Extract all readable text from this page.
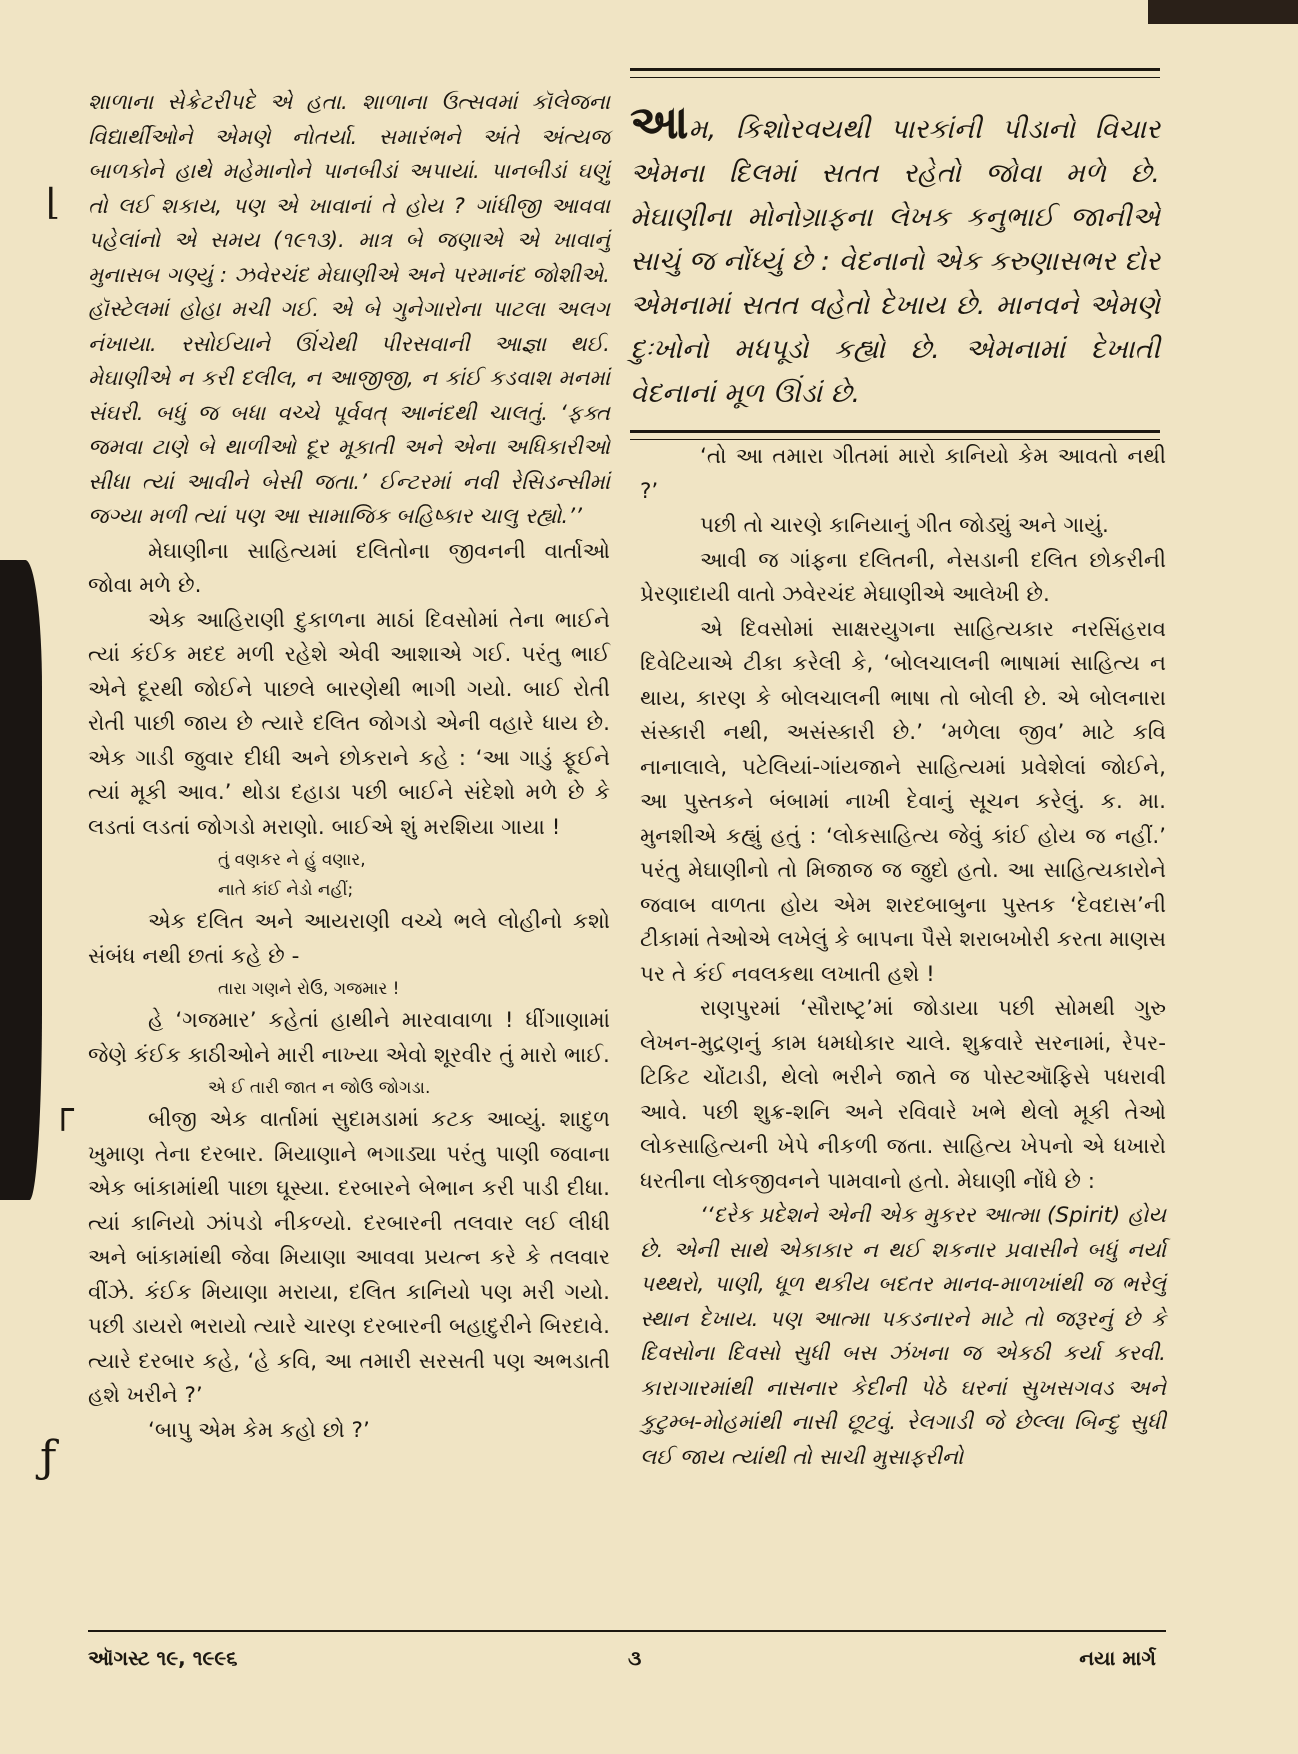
⌊
┌
ƒ

શાળાના સેક્રેટરીપદે એ હતા. શાળાના ઉત્સવમાં કૉલેજના વિદ્યાર્થીઓને એમણે નોતર્યા. સમારંભને અંતે અંત્યજ બાળકોને હાથે મહેમાનોને પાનબીડાં અપાયાં. પાનબીડાં ઘણું તો લઈ શકાય, પણ એ ખાવાનાં તે હોય ? ગાંધીજી આવવા પહેલાંનો એ સમય (૧૯૧૩). માત્ર બે જણાએ એ ખાવાનું મુનાસબ ગણ્યું : ઝવેરચંદ મેઘાણીએ અને પરમાનંદ જોશીએ. હૉસ્ટેલમાં હોહા મચી ગઈ. એ બે ગુનેગારોના પાટલા અલગ નંખાયા. રસોઈયાને ઊંચેથી પીરસવાની આજ્ઞા થઈ. મેઘાણીએ ન કરી દલીલ, ન આજીજી, ન કાંઈ કડવાશ મનમાં સંઘરી. બધું જ બધા વચ્ચે પૂર્વવત્ આનંદથી ચાલતું. ‘ફક્ત જમવા ટાણે બે થાળીઓ દૂર મૂકાતી અને એના અધિકારીઓ સીધા ત્યાં આવીને બેસી જતા.’ ઈન્ટરમાં નવી રેસિડન્સીમાં જગ્યા મળી ત્યાં પણ આ સામાજિક બહિષ્કાર ચાલુ રહ્યો.’’

મેઘાણીના સાહિત્યમાં દલિતોના જીવનની વાર્તાઓ જોવા મળે છે.

એક આહિરાણી દુકાળના માઠાં દિવસોમાં તેના ભાઈને ત્યાં કંઈક મદદ મળી રહેશે એવી આશાએ ગઈ. પરંતુ ભાઈ એને દૂરથી જોઈને પાછલે બારણેથી ભાગી ગયો. બાઈ રોતી રોતી પાછી જાય છે ત્યારે દલિત જોગડો એની વહારે ધાય છે. એક ગાડી જુવાર દીધી અને છોકરાને કહે : ‘આ ગાડું ફૂઈને ત્યાં મૂકી આવ.’ થોડા દહાડા પછી બાઈને સંદેશો મળે છે કે લડતાં લડતાં જોગડો મરાણો. બાઈએ શું મરશિયા ગાયા !

તું વણકર ને હું વણાર,

નાતે કાંઈ નેડો નહીં;

એક દલિત અને આયરાણી વચ્ચે ભલે લોહીનો કશો સંબંધ નથી છતાં કહે છે -

તારા ગણને રોઉ, ગજમાર !

હે ‘ગજમાર’ કહેતાં હાથીને મારવાવાળા ! ધીંગાણામાં જેણે કંઈક કાઠીઓને મારી નાખ્યા એવો શૂરવીર તું મારો ભાઈ.

એ ઈ તારી જાત ન જોઉ જોગડા.

બીજી એક વાર્તામાં સુદામડામાં કટક આવ્યું. શાદુળ ખુમાણ તેના દરબાર. મિયાણાને ભગાડ્યા પરંતુ પાણી જવાના એક બાંકામાંથી પાછા ઘૂસ્યા. દરબારને બેભાન કરી પાડી દીધા. ત્યાં કાનિયો ઝાંપડો નીકળ્યો. દરબારની તલવાર લઈ લીધી અને બાંકામાંથી જેવા મિયાણા આવવા પ્રયત્ન કરે કે તલવાર વીંઝે. કંઈક મિયાણા મરાયા, દલિત કાનિયો પણ મરી ગયો. પછી ડાયરો ભરાયો ત્યારે ચારણ દરબારની બહાદુરીને બિરદાવે. ત્યારે દરબાર કહે, ‘હે કવિ, આ તમારી સરસતી પણ અભડાતી હશે ખરીને ?’

‘બાપુ એમ કેમ કહો છો ?’

આમ, કિશોરવયથી પારકાંની પીડાનો વિચાર એમના દિલમાં સતત રહેતો જોવા મળે છે. મેઘાણીના મોનોગ્રાફના લેખક કનુભાઈ જાનીએ સાચું જ નોંધ્યું છે : વેદનાનો એક કરુણાસભર દોર એમનામાં સતત વહેતો દેખાય છે. માનવને એમણે દુઃખોનો મધપૂડો કહ્યો છે. એમનામાં દેખાતી વેદનાનાં મૂળ ઊંડાં છે.

‘તો આ તમારા ગીતમાં મારો કાનિયો કેમ આવતો નથી ?’

પછી તો ચારણે કાનિયાનું ગીત જોડ્યું અને ગાયું.

આવી જ ગાંફના દલિતની, નેસડાની દલિત છોકરીની પ્રેરણાદાયી વાતો ઝવેરચંદ મેઘાણીએ આલેખી છે.

એ દિવસોમાં સાક્ષરયુગના સાહિત્યકાર નરસિંહરાવ દિવેટિયાએ ટીકા કરેલી કે, ‘બોલચાલની ભાષામાં સાહિત્ય ન થાય, કારણ કે બોલચાલની ભાષા તો બોલી છે. એ બોલનારા સંસ્કારી નથી, અસંસ્કારી છે.’ ‘મળેલા જીવ’ માટે કવિ નાનાલાલે, પટેલિયાં-ગાંયજાને સાહિત્યમાં પ્રવેશેલાં જોઈને, આ પુસ્તકને બંબામાં નાખી દેવાનું સૂચન કરેલું. ક. મા. મુનશીએ કહ્યું હતું : ‘લોકસાહિત્ય જેવું કાંઈ હોય જ નહીં.’ પરંતુ મેઘાણીનો તો મિજાજ જ જુદો હતો. આ સાહિત્યકારોને જવાબ વાળતા હોય એમ શરદબાબુના પુસ્તક ‘દેવદાસ’ની ટીકામાં તેઓએ લખેલું કે બાપના પૈસે શરાબખોરી કરતા માણસ પર તે કંઈ નવલકથા લખાતી હશે !

રાણપુરમાં ‘સૌરાષ્ટ્ર’માં જોડાયા પછી સોમથી ગુરુ લેખન-મુદ્રણનું કામ ધમધોકાર ચાલે. શુક્રવારે સરનામાં, રેપર-ટિકિટ ચોંટાડી, થેલો ભરીને જાતે જ પોસ્ટઑફિસે પધરાવી આવે. પછી શુક્ર-શનિ અને રવિવારે ખભે થેલો મૂકી તેઓ લોકસાહિત્યની ખેપે નીકળી જતા. સાહિત્ય ખેપનો એ ધખારો ધરતીના લોકજીવનને પામવાનો હતો. મેઘાણી નોંધે છે :

‘‘દરેક પ્રદેશને એની એક મુકરર આત્મા (Spirit) હોય છે. એની સાથે એકાકાર ન થઈ શકનાર પ્રવાસીને બધું નર્યા પથ્થરો, પાણી, ધૂળ થકીય બદતર માનવ-માળખાંથી જ ભરેલું સ્થાન દેખાય. પણ આત્મા પકડનારને માટે તો જરૂરનું છે કે દિવસોના દિવસો સુધી બસ ઝંખના જ એકઠી કર્યા કરવી. કારાગારમાંથી નાસનાર કેદીની પેઠે ઘરનાં સુખસગવડ અને કુટુમ્બ-મોહમાંથી નાસી છૂટવું. રેલગાડી જે છેલ્લા બિન્દુ સુધી લઈ જાય ત્યાંથી તો સાચી મુસાફરીનો

ઑગસ્ટ ૧૯, ૧૯૯૬	૩	નયા માર્ગ
